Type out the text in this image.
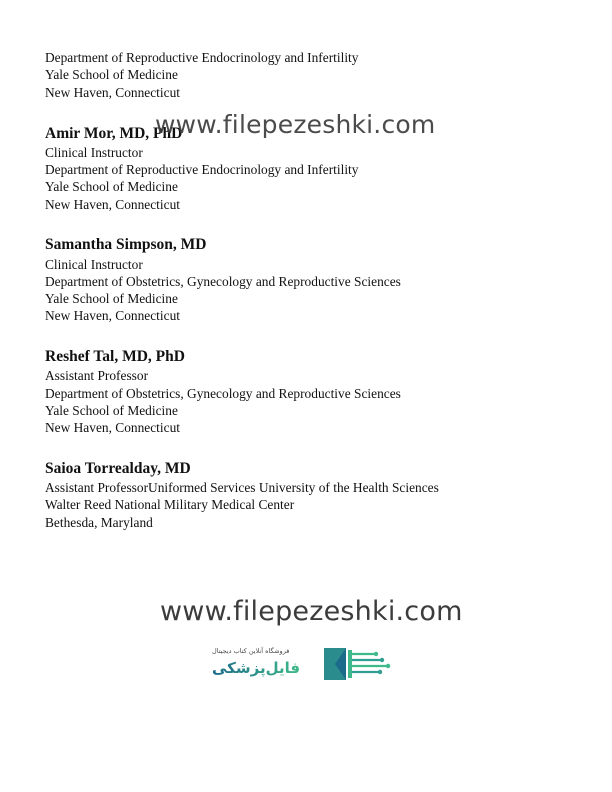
Department of Reproductive Endocrinology and Infertility
Yale School of Medicine
New Haven, Connecticut
Amir Mor, MD, PhD
Clinical Instructor
Department of Reproductive Endocrinology and Infertility
Yale School of Medicine
New Haven, Connecticut
Samantha Simpson, MD
Clinical Instructor
Department of Obstetrics, Gynecology and Reproductive Sciences
Yale School of Medicine
New Haven, Connecticut
Reshef Tal, MD, PhD
Assistant Professor
Department of Obstetrics, Gynecology and Reproductive Sciences
Yale School of Medicine
New Haven, Connecticut
Saioa Torrealday, MD
Assistant ProfessorUniformed Services University of the Health Sciences
Walter Reed National Military Medical Center
Bethesda, Maryland
www.filepezeshki.com
www.filepezeshki.com
فروشگاه آنلاین کتاب دیجیتال
فایل‌پزشکی
